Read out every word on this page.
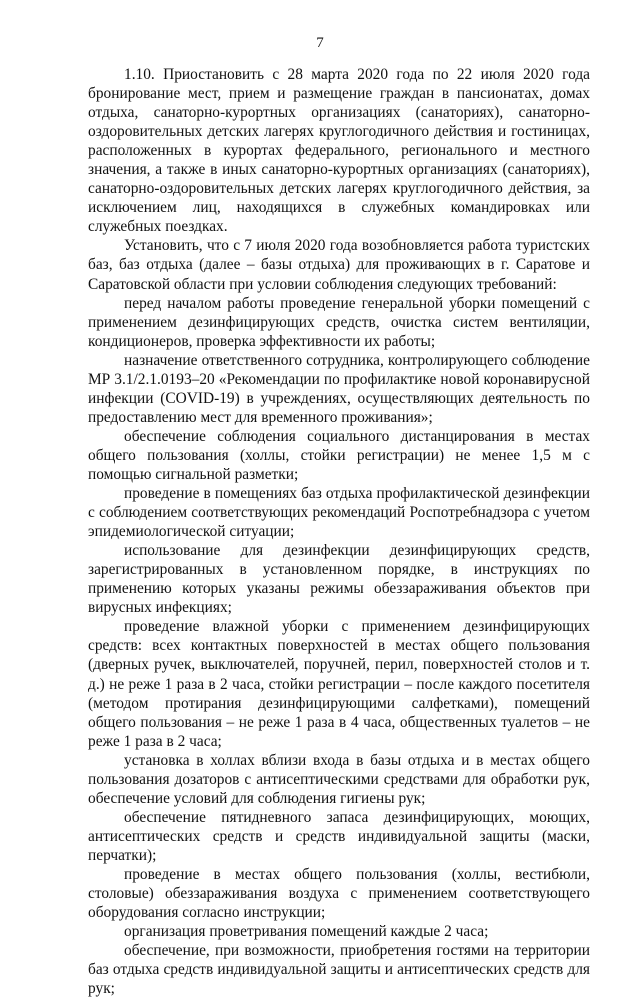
7

1.10. Приостановить с 28 марта 2020 года по 22 июля 2020 года бронирование мест, прием и размещение граждан в пансионатах, домах отдыха, санаторно-курортных организациях (санаториях), санаторно-оздоровительных детских лагерях круглогодичного действия и гостиницах, расположенных в курортах федерального, регионального и местного значения, а также в иных санаторно-курортных организациях (санаториях), санаторно-оздоровительных детских лагерях круглогодичного действия, за исключением лиц, находящихся в служебных командировках или служебных поездках.

Установить, что с 7 июля 2020 года возобновляется работа туристских баз, баз отдыха (далее – базы отдыха) для проживающих в г. Саратове и Саратовской области при условии соблюдения следующих требований:

перед началом работы проведение генеральной уборки помещений с применением дезинфицирующих средств, очистка систем вентиляции, кондиционеров, проверка эффективности их работы;

назначение ответственного сотрудника, контролирующего соблюдение МР 3.1/2.1.0193–20 «Рекомендации по профилактике новой коронавирусной инфекции (COVID-19) в учреждениях, осуществляющих деятельность по предоставлению мест для временного проживания»;

обеспечение соблюдения социального дистанцирования в местах общего пользования (холлы, стойки регистрации) не менее 1,5 м с помощью сигнальной разметки;

проведение в помещениях баз отдыха профилактической дезинфекции с соблюдением соответствующих рекомендаций Роспотребнадзора с учетом эпидемиологической ситуации;

использование для дезинфекции дезинфицирующих средств, зарегистрированных в установленном порядке, в инструкциях по применению которых указаны режимы обеззараживания объектов при вирусных инфекциях;

проведение влажной уборки с применением дезинфицирующих средств: всех контактных поверхностей в местах общего пользования (дверных ручек, выключателей, поручней, перил, поверхностей столов и т. д.) не реже 1 раза в 2 часа, стойки регистрации – после каждого посетителя (методом протирания дезинфицирующими салфетками), помещений общего пользования – не реже 1 раза в 4 часа, общественных туалетов – не реже 1 раза в 2 часа;

установка в холлах вблизи входа в базы отдыха и в местах общего пользования дозаторов с антисептическими средствами для обработки рук, обеспечение условий для соблюдения гигиены рук;

обеспечение пятидневного запаса дезинфицирующих, моющих, антисептических средств и средств индивидуальной защиты (маски, перчатки);

проведение в местах общего пользования (холлы, вестибюли, столовые) обеззараживания воздуха с применением соответствующего оборудования согласно инструкции;

организация проветривания помещений каждые 2 часа;

обеспечение, при возможности, приобретения гостями на территории баз отдыха средств индивидуальной защиты и антисептических средств для рук;
